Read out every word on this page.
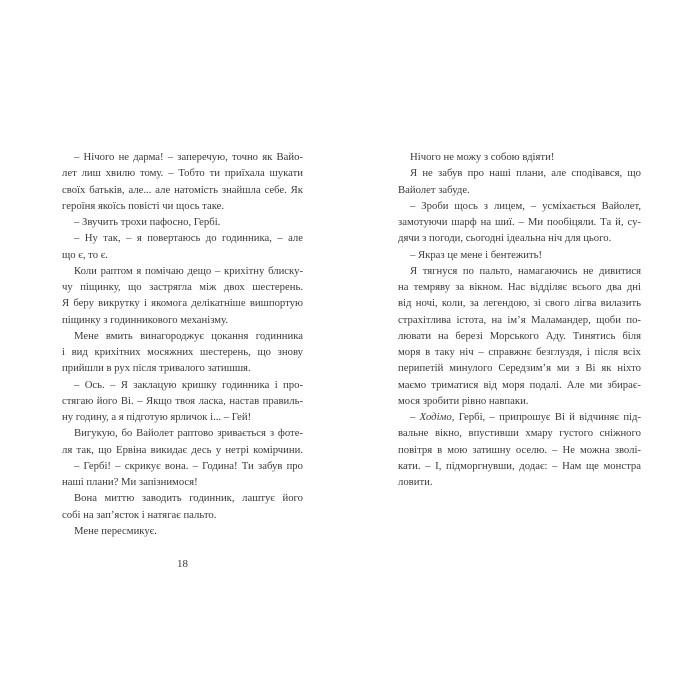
– Нічого не дарма! – заперечую, точно як Вайо-
лет лиш хвилю тому. – Тобто ти приїхала шукати
своїх батьків, але... але натомість знайшла себе. Як
героїня якоїсь повісті чи щось таке.
– Звучить трохи пафосно, Гербі.
– Ну так, – я повертаюсь до годинника, – але
що є, то є.
Коли раптом я помічаю дещо – крихітну блиску-
чу піщинку, що застрягла між двох шестерень.
Я беру викрутку і якомога делікатніше вишпортую
піщинку з годинникового механізму.
Мене вмить винагороджує цокання годинника
і вид крихітних мосяжних шестерень, що знову
прийшли в рух після тривалого затишшя.
– Ось. – Я заклацую кришку годинника і про-
стягаю його Ві. – Якщо твоя ласка, настав правиль-
ну годину, а я підготую ярличок і... – Гей!
Вигукую, бо Вайолет раптово зривається з фоте-
ля так, що Ервіна викидає десь у нетрі комірчини.
– Гербі! – скрикує вона. – Година! Ти забув про
наші плани? Ми запізнимося!
Вона миттю заводить годинник, лаштує його
собі на зап’ясток і натягає пальто.
Мене пересмикує.
18
Нічого не можу з собою вдіяти!
Я не забув про наші плани, але сподівався, що
Вайолет забуде.
– Зроби щось з лицем, – усміхається Вайолет,
замотуючи шарф на шиї. – Ми пообіцяли. Та й, су-
дячи з погоди, сьогодні ідеальна ніч для цього.
– Якраз це мене і бентежить!
Я тягнуся по пальто, намагаючись не дивитися
на темряву за вікном. Нас відділяє всього два дні
від ночі, коли, за легендою, зі свого лігва вилазить
страхітлива істота, на ім’я Маламандер, щоби по-
лювати на березі Морського Аду. Тинятись біля
моря в таку ніч – справжнє безглуздя, і після всіх
перипетій минулого Середзим’я ми з Ві як ніхто
маємо триматися від моря подалі. Але ми збирає-
мося зробити рівно навпаки.
– Ходімо, Гербі, – припрошує Ві й відчиняє під-
вальне вікно, впустивши хмару густого сніжного
повітря в мою затишну оселю. – Не можна зволі-
кати. – І, підморгнувши, додає: – Нам ще монстра
ловити.
